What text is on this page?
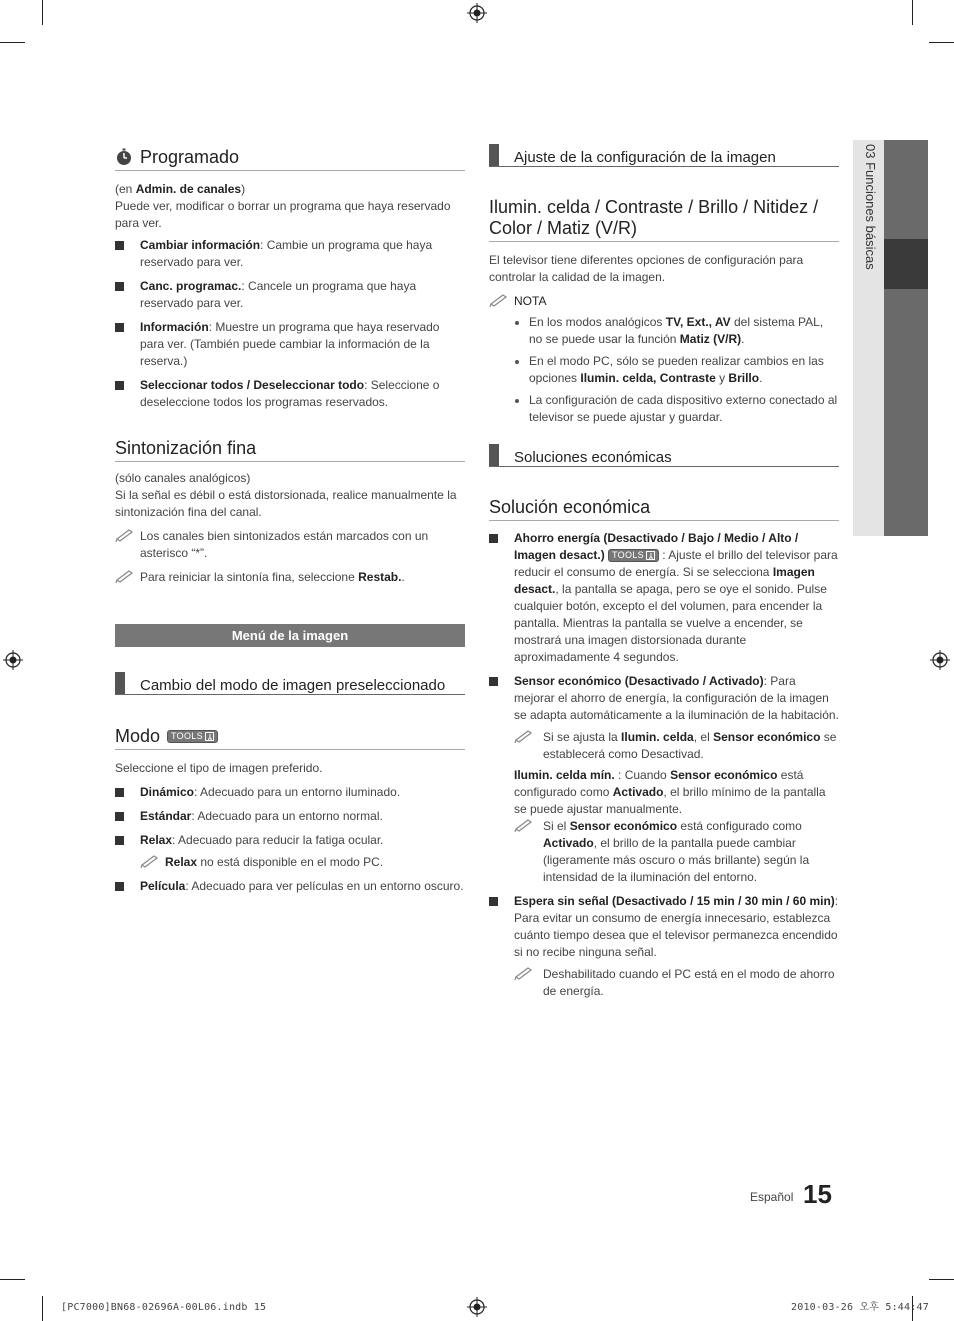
03 Funciones básicas
Programado
(en Admin. de canales)
Puede ver, modificar o borrar un programa que haya reservado para ver.
Cambiar información: Cambie un programa que haya reservado para ver.
Canc. programac.: Cancele un programa que haya reservado para ver.
Información: Muestre un programa que haya reservado para ver. (También puede cambiar la información de la reserva.)
Seleccionar todos / Deseleccionar todo: Seleccione o deseleccione todos los programas reservados.
Sintonización fina
(sólo canales analógicos)
Si la señal es débil o está distorsionada, realice manualmente la sintonización fina del canal.
Los canales bien sintonizados están marcados con un asterisco “*”.
Para reiniciar la sintonía fina, seleccione Restab..
Menú de la imagen
Cambio del modo de imagen preseleccionado
Modo TOOLS
Seleccione el tipo de imagen preferido.
Dinámico: Adecuado para un entorno iluminado.
Estándar: Adecuado para un entorno normal.
Relax: Adecuado para reducir la fatiga ocular.
Relax no está disponible en el modo PC.
Película: Adecuado para ver películas en un entorno oscuro.
Ajuste de la configuración de la imagen
Ilumin. celda / Contraste / Brillo / Nitidez /
Color / Matiz (V/R)
El televisor tiene diferentes opciones de configuración para controlar la calidad de la imagen.
NOTA
En los modos analógicos TV, Ext., AV del sistema PAL, no se puede usar la función Matiz (V/R).
En el modo PC, sólo se pueden realizar cambios en las opciones Ilumin. celda, Contraste y Brillo.
La configuración de cada dispositivo externo conectado al televisor se puede ajustar y guardar.
Soluciones económicas
Solución económica
Ahorro energía (Desactivado / Bajo / Medio / Alto / Imagen desact.) TOOLS : Ajuste el brillo del televisor para reducir el consumo de energía. Si se selecciona Imagen desact., la pantalla se apaga, pero se oye el sonido. Pulse cualquier botón, excepto el del volumen, para encender la pantalla. Mientras la pantalla se vuelve a encender, se mostrará una imagen distorsionada durante aproximadamente 4 segundos.
Sensor económico (Desactivado / Activado): Para mejorar el ahorro de energía, la configuración de la imagen se adapta automáticamente a la iluminación de la habitación.
Si se ajusta la Ilumin. celda, el Sensor económico se establecerá como Desactivad.
Ilumin. celda mín. : Cuando Sensor económico está configurado como Activado, el brillo mínimo de la pantalla se puede ajustar manualmente.
Si el Sensor económico está configurado como Activado, el brillo de la pantalla puede cambiar (ligeramente más oscuro o más brillante) según la intensidad de la iluminación del entorno.
Espera sin señal (Desactivado / 15 min / 30 min / 60 min): Para evitar un consumo de energía innecesario, establezca cuánto tiempo desea que el televisor permanezca encendido si no recibe ninguna señal.
Deshabilitado cuando el PC está en el modo de ahorro de energía.
Español 15
[PC7000]BN68-02696A-00L06.indb 15	2010-03-26 오후 5:44:47
